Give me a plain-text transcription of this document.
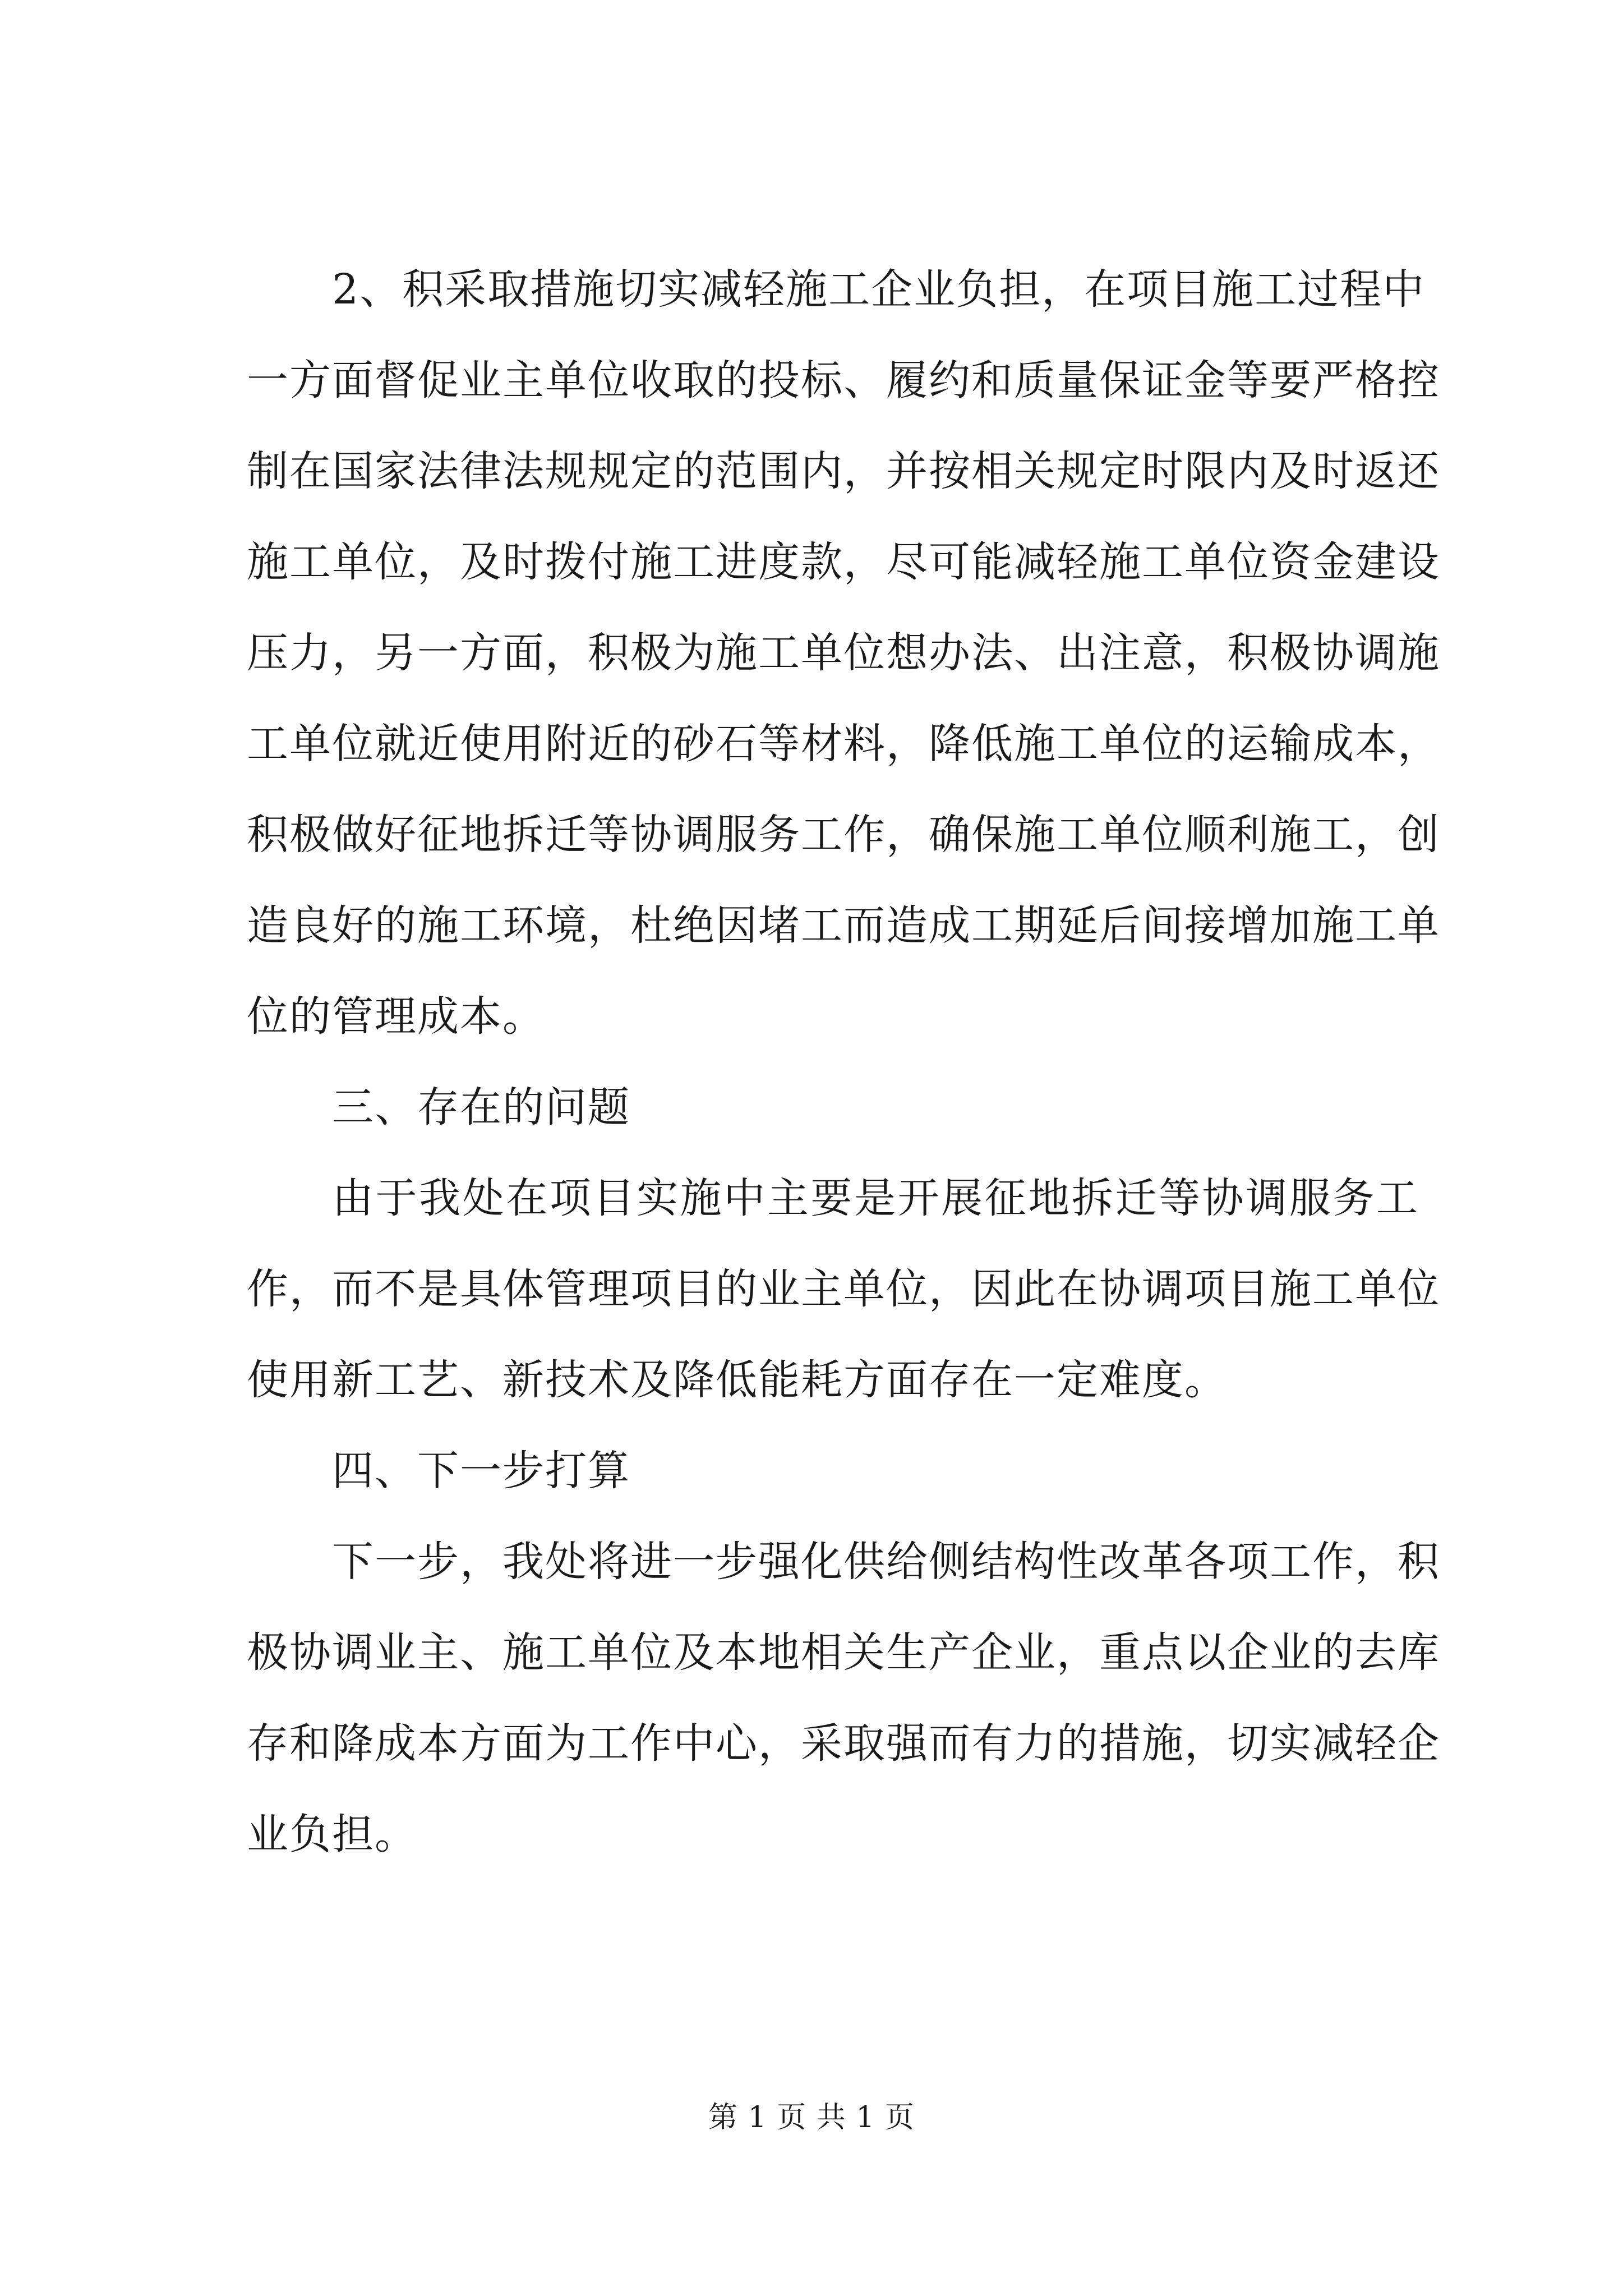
2、积采取措施切实减轻施工企业负担，在项目施工过程中
一方面督促业主单位收取的投标、履约和质量保证金等要严格控
制在国家法律法规规定的范围内，并按相关规定时限内及时返还
施工单位，及时拨付施工进度款，尽可能减轻施工单位资金建设
压力，另一方面，积极为施工单位想办法、出注意，积极协调施
工单位就近使用附近的砂石等材料，降低施工单位的运输成本，
积极做好征地拆迁等协调服务工作，确保施工单位顺利施工，创
造良好的施工环境，杜绝因堵工而造成工期延后间接增加施工单
位的管理成本。
三、存在的问题
由于我处在项目实施中主要是开展征地拆迁等协调服务工
作，而不是具体管理项目的业主单位，因此在协调项目施工单位
使用新工艺、新技术及降低能耗方面存在一定难度。
四、下一步打算
下一步，我处将进一步强化供给侧结构性改革各项工作，积
极协调业主、施工单位及本地相关生产企业，重点以企业的去库
存和降成本方面为工作中心，采取强而有力的措施，切实减轻企
业负担。
第 1 页 共 1 页
